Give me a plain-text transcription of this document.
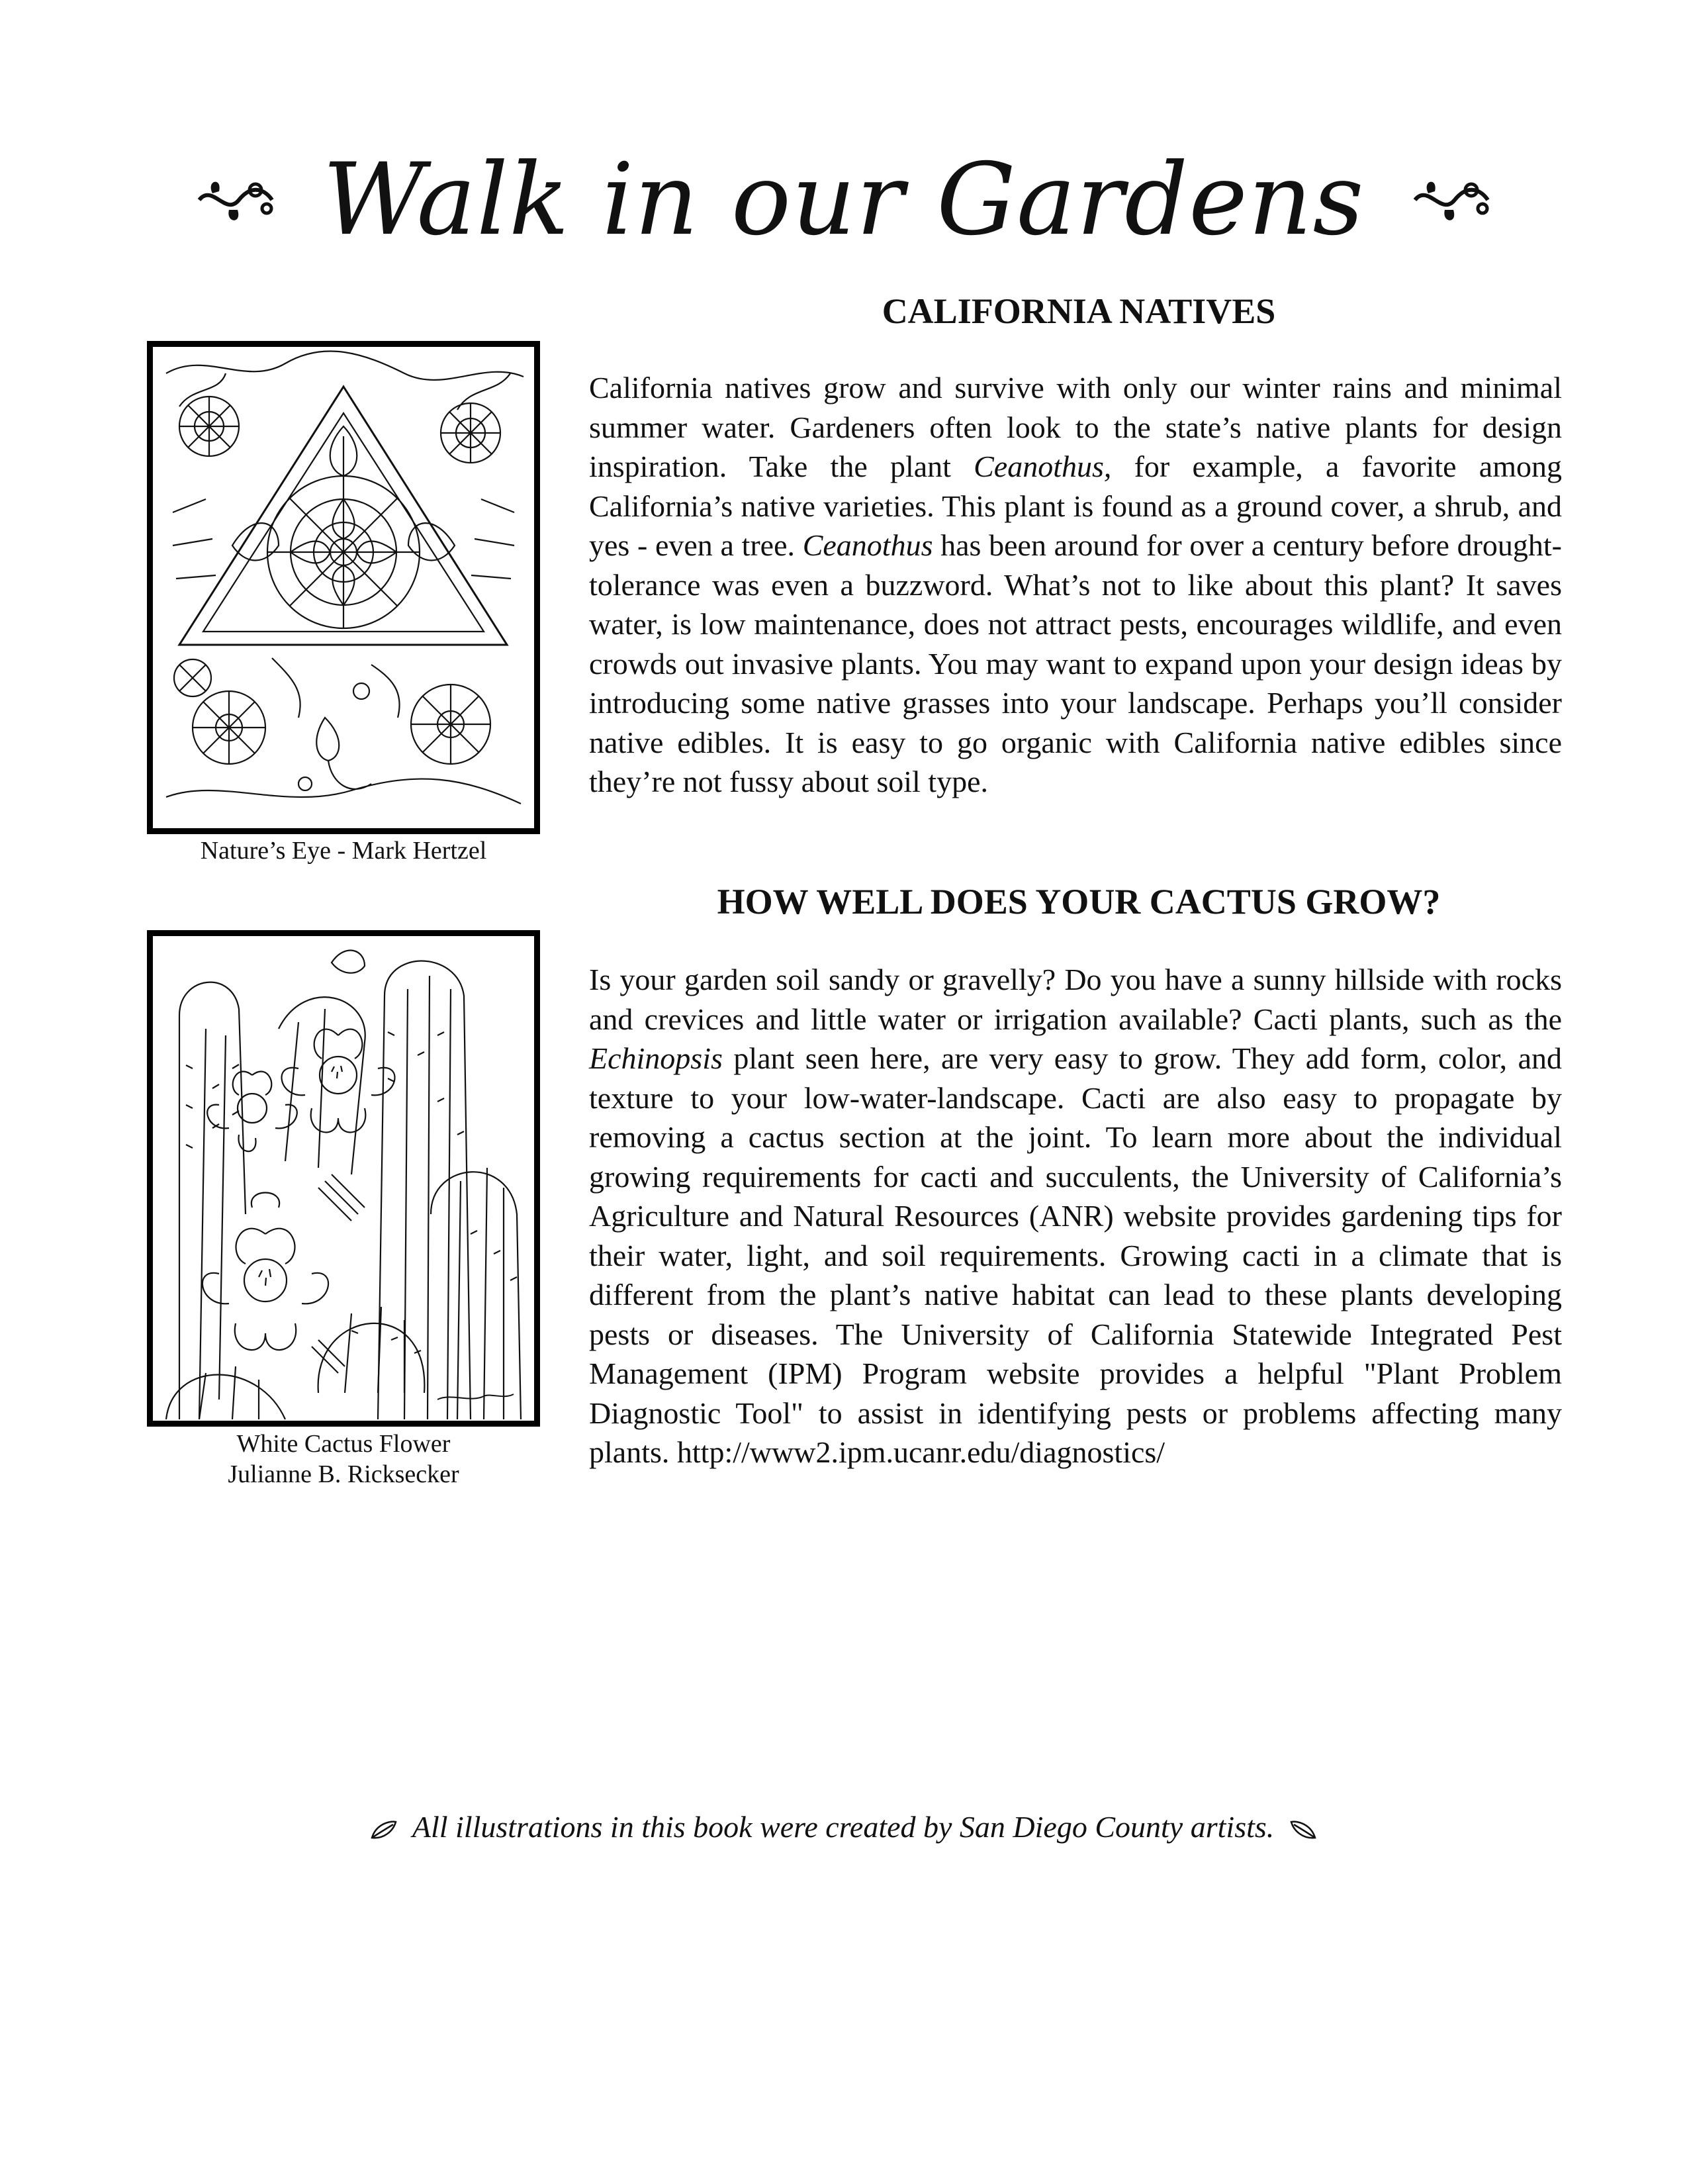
Walk in our Gardens
CALIFORNIA NATIVES
Nature’s Eye - Mark Hertzel
California natives grow and survive with only our winter rains and minimal summer water. Gardeners often look to the state’s native plants for design inspiration. Take the plant Ceanothus, for example, a favorite among California’s native varieties. This plant is found as a ground cover, a shrub, and yes - even a tree. Ceanothus has been around for over a century before drought-tolerance was even a buzzword. What’s not to like about this plant? It saves water, is low maintenance, does not attract pests, encourages wildlife, and even crowds out invasive plants. You may want to expand upon your design ideas by introducing some native grasses into your landscape. Perhaps you’ll consider native edibles. It is easy to go organic with California native edibles since they’re not fussy about soil type.
HOW WELL DOES YOUR CACTUS GROW?
White Cactus Flower
Julianne B. Ricksecker
Is your garden soil sandy or gravelly? Do you have a sunny hillside with rocks and crevices and little water or irrigation available? Cacti plants, such as the Echinopsis plant seen here, are very easy to grow. They add form, color, and texture to your low-water-landscape. Cacti are also easy to propagate by removing a cactus section at the joint. To learn more about the individual growing requirements for cacti and succulents, the University of California’s Agriculture and Natural Resources (ANR) website provides gardening tips for their water, light, and soil requirements. Growing cacti in a climate that is different from the plant’s native habitat can lead to these plants developing pests or diseases. The University of California Statewide Integrated Pest Management (IPM) Program website provides a helpful "Plant Problem Diagnostic Tool" to assist in identifying pests or problems affecting many plants. http://www2.ipm.ucanr.edu/diagnostics/
All illustrations in this book were created by San Diego County artists.
